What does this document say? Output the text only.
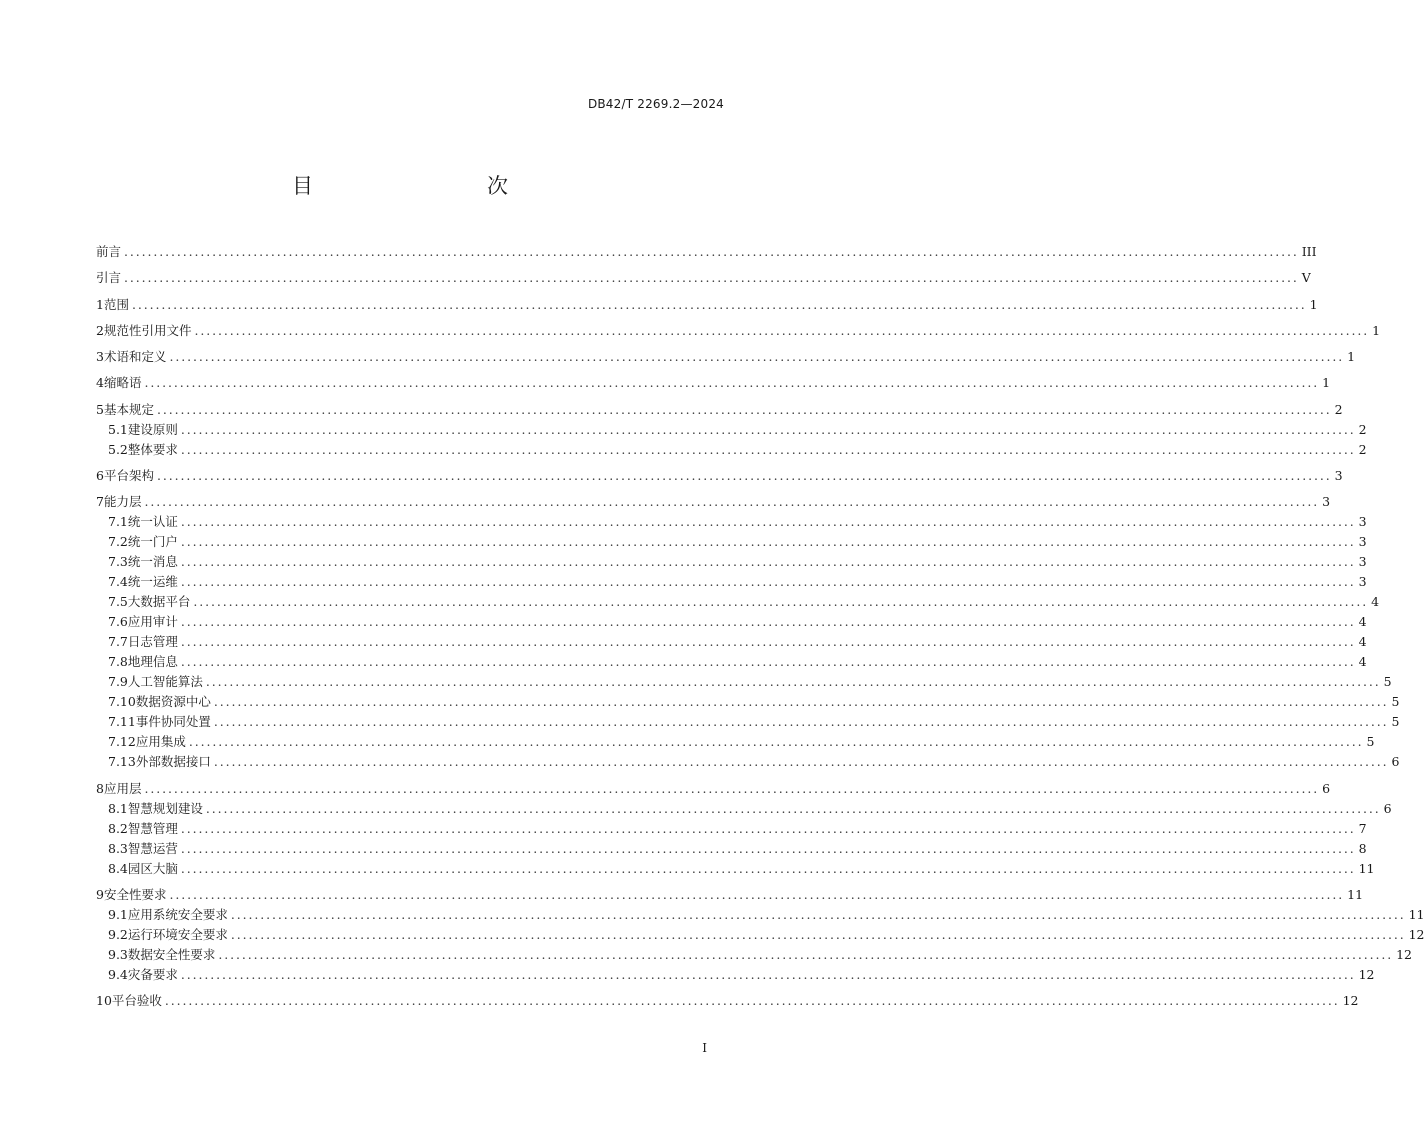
DB42/T 2269.2—2024
目　　次
前言 ........................................................................................................................................................................................................ III
引言 ........................................................................................................................................................................................................ V
1 范围 ........................................................................................................................................................................................................ 1
2 规范性引用文件 ........................................................................................................................................................................................................ 1
3 术语和定义 ........................................................................................................................................................................................................ 1
4 缩略语 ........................................................................................................................................................................................................ 1
5 基本规定 ........................................................................................................................................................................................................ 2
5.1 建设原则 ........................................................................................................................................................................................................ 2
5.2 整体要求 ........................................................................................................................................................................................................ 2
6 平台架构 ........................................................................................................................................................................................................ 3
7 能力层 ........................................................................................................................................................................................................ 3
7.1 统一认证 ........................................................................................................................................................................................................ 3
7.2 统一门户 ........................................................................................................................................................................................................ 3
7.3 统一消息 ........................................................................................................................................................................................................ 3
7.4 统一运维 ........................................................................................................................................................................................................ 3
7.5 大数据平台 ........................................................................................................................................................................................................ 4
7.6 应用审计 ........................................................................................................................................................................................................ 4
7.7 日志管理 ........................................................................................................................................................................................................ 4
7.8 地理信息 ........................................................................................................................................................................................................ 4
7.9 人工智能算法 ........................................................................................................................................................................................................ 5
7.10 数据资源中心 ........................................................................................................................................................................................................ 5
7.11 事件协同处置 ........................................................................................................................................................................................................ 5
7.12 应用集成 ........................................................................................................................................................................................................ 5
7.13 外部数据接口 ........................................................................................................................................................................................................ 6
8 应用层 ........................................................................................................................................................................................................ 6
8.1 智慧规划建设 ........................................................................................................................................................................................................ 6
8.2 智慧管理 ........................................................................................................................................................................................................ 7
8.3 智慧运营 ........................................................................................................................................................................................................ 8
8.4 园区大脑 ........................................................................................................................................................................................................ 11
9 安全性要求 ........................................................................................................................................................................................................ 11
9.1 应用系统安全要求 ........................................................................................................................................................................................................ 11
9.2 运行环境安全要求 ........................................................................................................................................................................................................ 12
9.3 数据安全性要求 ........................................................................................................................................................................................................ 12
9.4 灾备要求 ........................................................................................................................................................................................................ 12
10 平台验收 ........................................................................................................................................................................................................ 12
I
